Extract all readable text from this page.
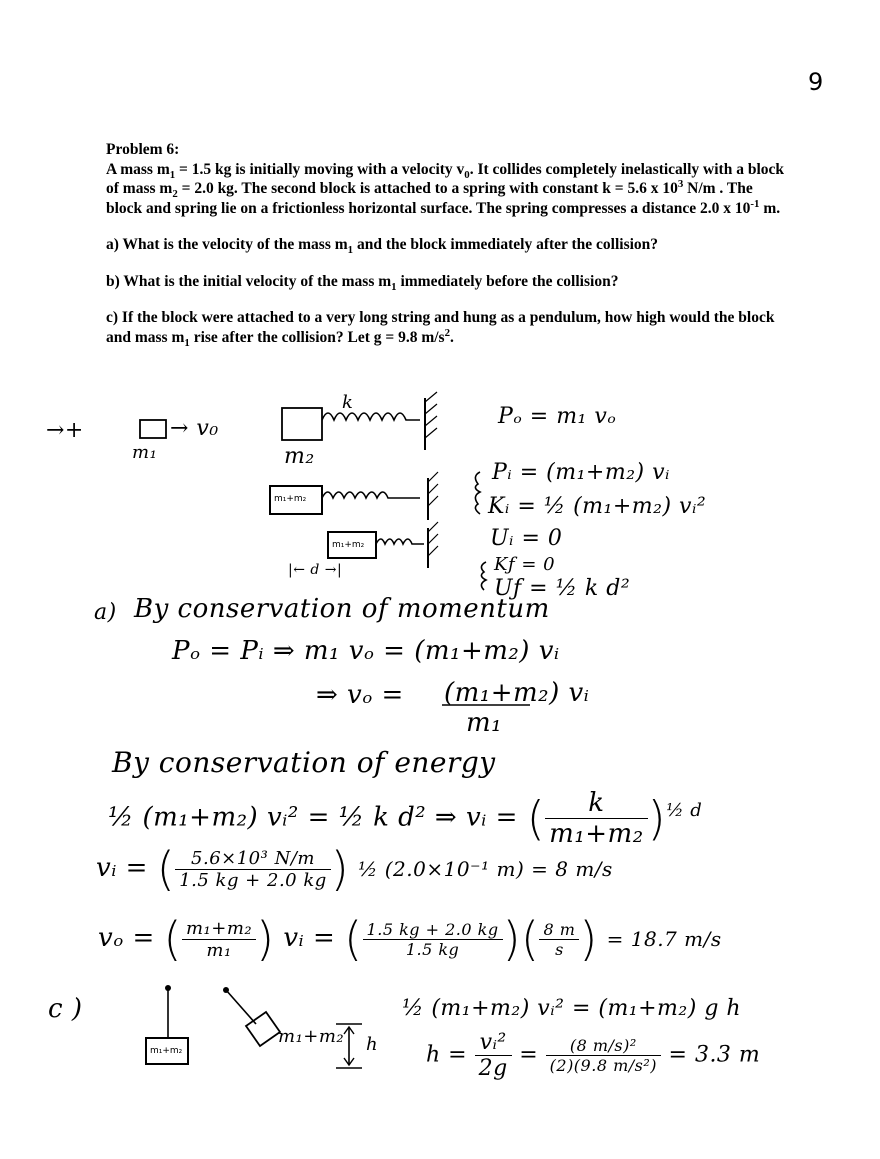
9

Problem 6:

A mass $m_1 = 1.5$ kg is initially moving with a velocity $v_0$. It collides completely inelastically with a block of mass $m_2 = 2.0$ kg. The second block is attached to a spring with constant k = 5.6 x $10^3$ N/m . The block and spring lie on a frictionless horizontal surface. The spring compresses a distance 2.0 x $10^{-1}$ m.

a) What is the velocity of the mass $m_1$ and the block immediately after the collision?

b) What is the initial velocity of the mass $m_1$ immediately before the collision?

c) If the block were attached to a very long string and hung as a pendulum, how high would the block and mass $m_1$ rise after the collision? Let g = 9.8 $m/s^2$.

→+	→ v₀
m₁
k
m₂
m₁+m₂
m₁+m₂
|← d →|
Pₒ = m₁ vₒ
Pᵢ = (m₁+m₂) vᵢ
Kᵢ = ½ (m₁+m₂) vᵢ²
Uᵢ = 0
Kƒ = 0
Uƒ = ½ k d²
a) By conservation of momentum
Pₒ = Pᵢ ⇒ m₁ vₒ = (m₁+m₂) vᵢ
⇒ vₒ = (m₁+m₂) vᵢ
m₁
By conservation of energy
½ (m₁+m₂) vᵢ² = ½ k d² ⇒ vᵢ = ( $\frac{k}{\text{m₁+m₂}} )^{\frac{1}{2} d}$
vᵢ = ( $\frac{\text{5.6×10³ N/m}}{1.5 kg + 2.0 kg}$ ) ½ (2.0×10⁻¹ m) = 8 m/s
vₒ = ( $\frac{\text{m₁+m₂}}{\text{m₁}}$ ) vᵢ = ( $\frac{1.5 kg + 2.0 kg}{1.5 kg}$ )( $\frac{8 m}{s}$ ) = 18.7 m/s
c )
m₁+m₂
m₁+m₂ h
½ (m₁+m₂) vᵢ² = (m₁+m₂) g h
$h = \frac{\text{vᵢ²}}{2g} = \frac{\text{(8 m/s)²}}{\text{(2)(9.8 m/s²)}} = 3.3$ m
